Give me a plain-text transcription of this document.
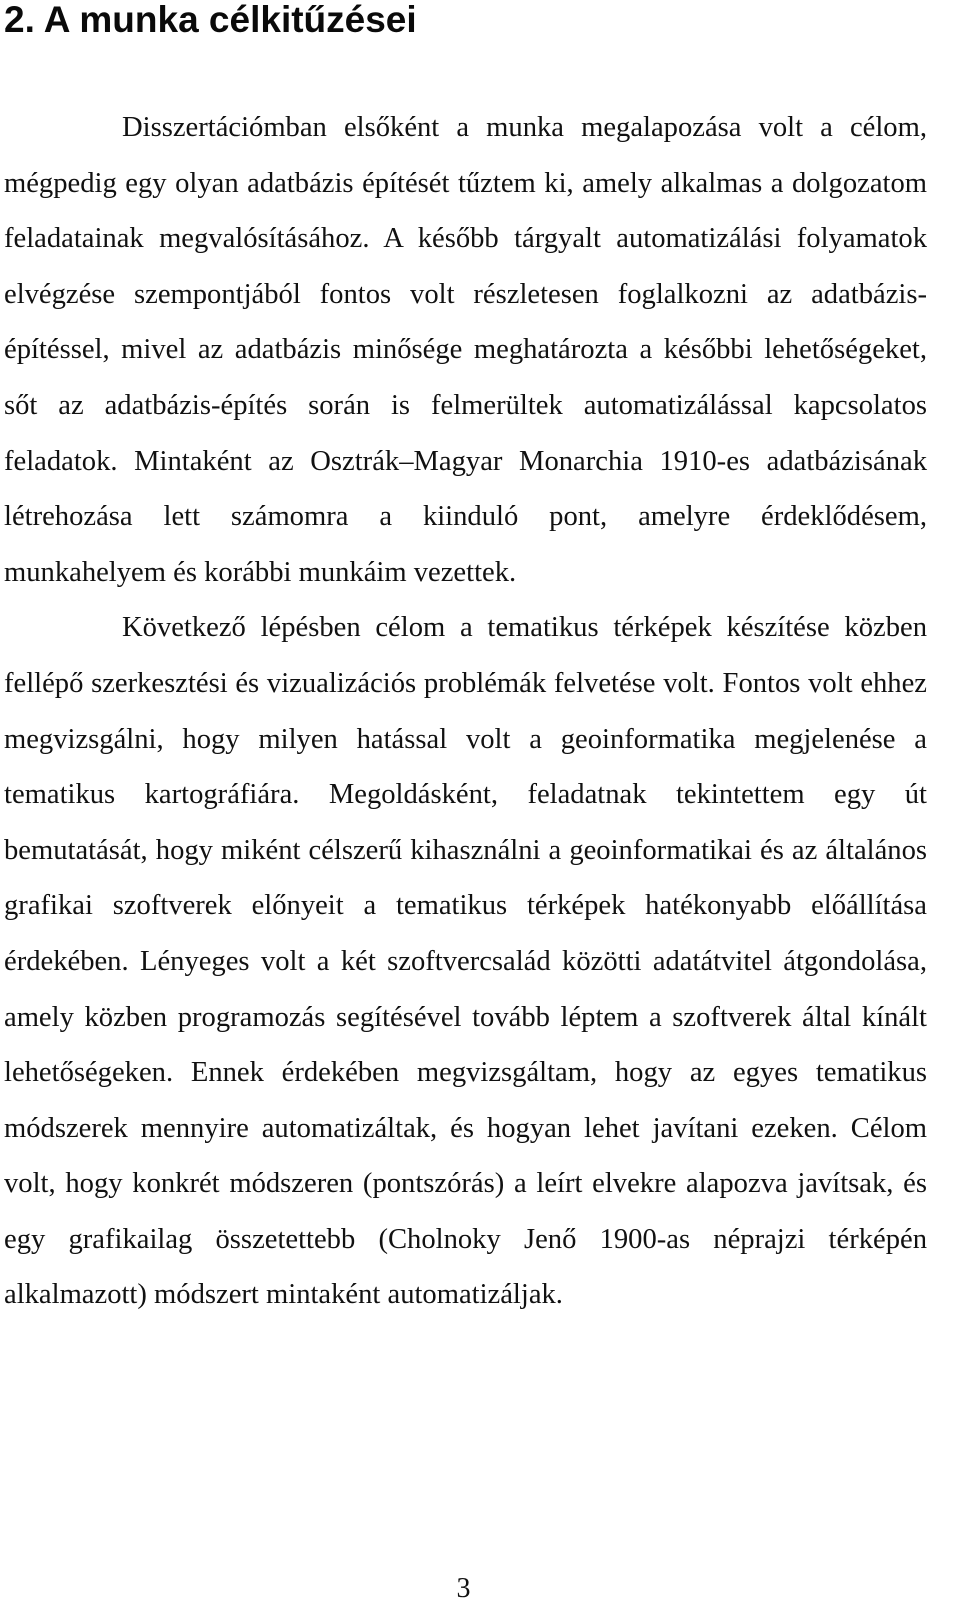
2. A munka célkitűzései

Disszertációmban elsőként a munka megalapozása volt a célom, mégpedig egy olyan adatbázis építését tűztem ki, amely alkalmas a dolgozatom feladatainak megvalósításához. A később tárgyalt automatizálási folyamatok elvégzése szempontjából fontos volt részletesen foglalkozni az adatbázis-építéssel, mivel az adatbázis minősége meghatározta a későbbi lehetőségeket, sőt az adatbázis-építés során is felmerültek automatizálással kapcsolatos feladatok. Mintaként az Osztrák–Magyar Monarchia 1910-es adatbázisának létrehozása lett számomra a kiinduló pont, amelyre érdeklődésem, munkahelyem és korábbi munkáim vezettek.

Következő lépésben célom a tematikus térképek készítése közben fellépő szerkesztési és vizualizációs problémák felvetése volt. Fontos volt ehhez megvizsgálni, hogy milyen hatással volt a geoinformatika megjelenése a tematikus kartográfiára. Megoldásként, feladatnak tekintettem egy út bemutatását, hogy miként célszerű kihasználni a geoinformatikai és az általános grafikai szoftverek előnyeit a tematikus térképek hatékonyabb előállítása érdekében. Lényeges volt a két szoftvercsalád közötti adatátvitel átgondolása, amely közben programozás segítésével tovább léptem a szoftverek által kínált lehetőségeken. Ennek érdekében megvizsgáltam, hogy az egyes tematikus módszerek mennyire automatizáltak, és hogyan lehet javítani ezeken. Célom volt, hogy konkrét módszeren (pontszórás) a leírt elvekre alapozva javítsak, és egy grafikailag összetettebb (Cholnoky Jenő 1900-as néprajzi térképén alkalmazott) módszert mintaként automatizáljak.

3
